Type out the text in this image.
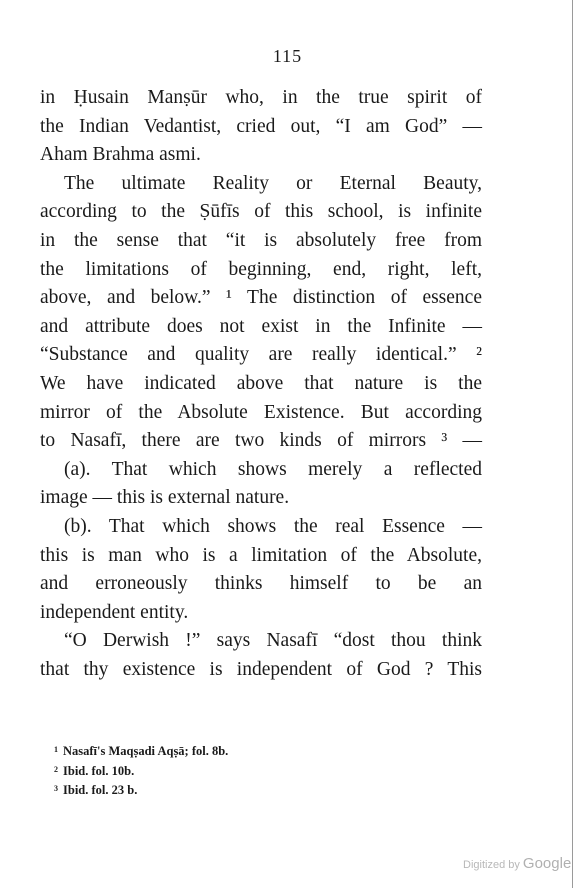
115

in Ḥusain Manṣūr who, in the true spirit of
the Indian Vedantist, cried out, “I am God” —
Aham Brahma asmi.

The ultimate Reality or Eternal Beauty,
according to the Ṣūfīs of this school, is infinite
in the sense that “it is absolutely free from
the limitations of beginning, end, right, left,
above, and below.” ¹ The distinction of essence
and attribute does not exist in the Infinite —
“Substance and quality are really identical.” ²
We have indicated above that nature is the
mirror of the Absolute Existence. But according
to Nasafī, there are two kinds of mirrors ³ —

(a). That which shows merely a reflected
image — this is external nature.

(b). That which shows the real Essence —
this is man who is a limitation of the Absolute,
and erroneously thinks himself to be an
independent entity.

“O Derwish !” says Nasafī “dost thou think
that thy existence is independent of God ? This

$^1$ Nasafī's Maqṣadi Aqṣā; fol. 8b.
$^2$ Ibid. fol. 10b.
$^3$ Ibid. fol. 23 b.
Digitized by Google
